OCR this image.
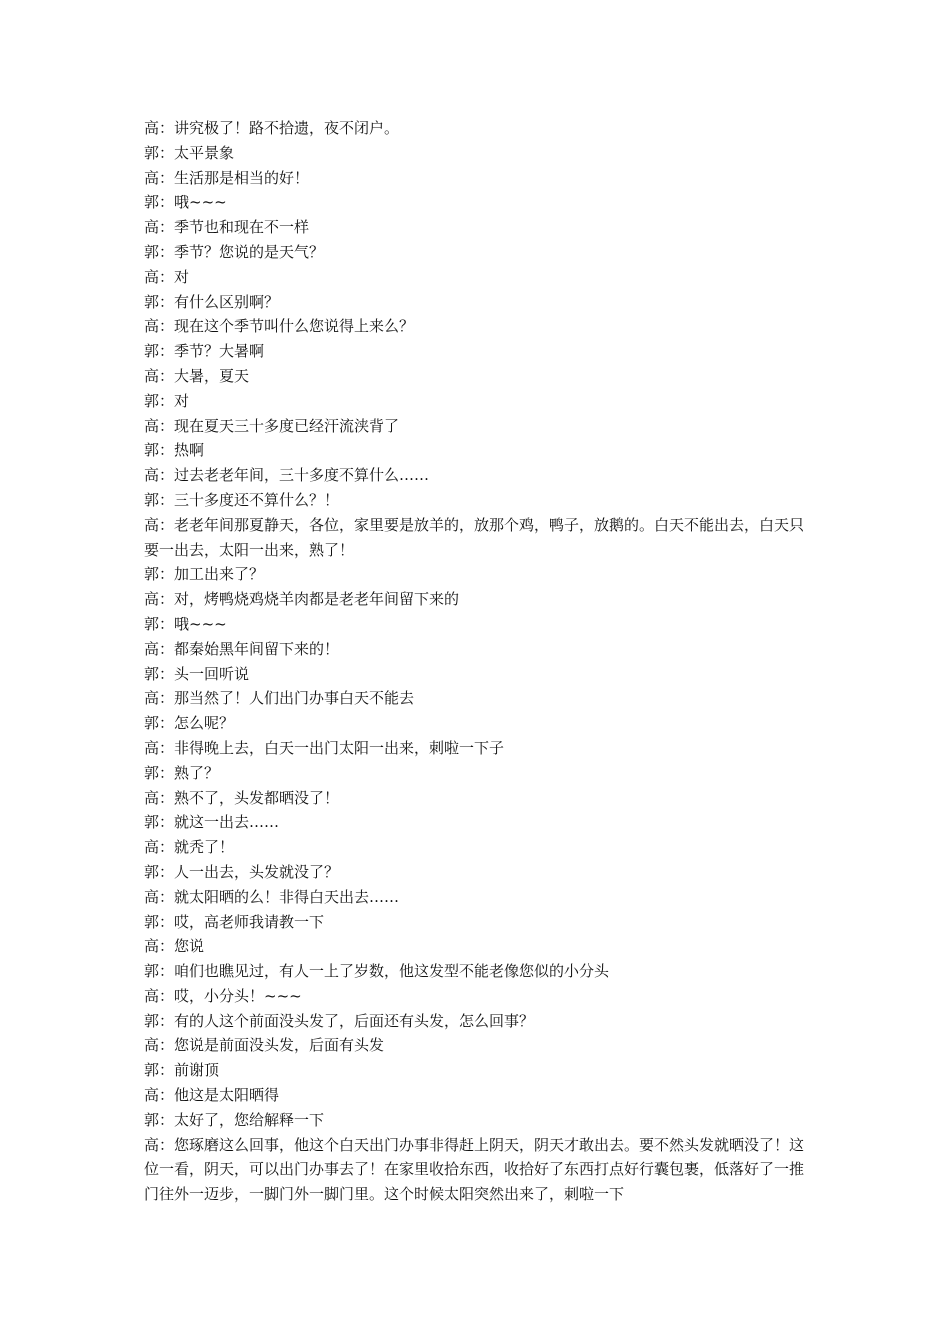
高：讲究极了！路不拾遗，夜不闭户。

郭：太平景象

高：生活那是相当的好！

郭：哦~~~

高：季节也和现在不一样

郭：季节？您说的是天气？

高：对

郭：有什么区别啊？

高：现在这个季节叫什么您说得上来么？

郭：季节？大暑啊

高：大暑，夏天

郭：对

高：现在夏天三十多度已经汗流浃背了

郭：热啊

高：过去老老年间，三十多度不算什么……

郭：三十多度还不算什么？！

高：老老年间那夏静天，各位，家里要是放羊的，放那个鸡，鸭子，放鹅的。白天不能出去，白天只要一出去，太阳一出来，熟了！

郭：加工出来了？

高：对，烤鸭烧鸡烧羊肉都是老老年间留下来的

郭：哦~~~

高：都秦始黑年间留下来的！

郭：头一回听说

高：那当然了！人们出门办事白天不能去

郭：怎么呢？

高：非得晚上去，白天一出门太阳一出来，刺啦一下子

郭：熟了？

高：熟不了，头发都晒没了！

郭：就这一出去……

高：就秃了！

郭：人一出去，头发就没了？

高：就太阳晒的么！非得白天出去……

郭：哎，高老师我请教一下

高：您说

郭：咱们也瞧见过，有人一上了岁数，他这发型不能老像您似的小分头

高：哎，小分头！~~~

郭：有的人这个前面没头发了，后面还有头发，怎么回事？

高：您说是前面没头发，后面有头发

郭：前谢顶

高：他这是太阳晒得

郭：太好了，您给解释一下

高：您琢磨这么回事，他这个白天出门办事非得赶上阴天，阴天才敢出去。要不然头发就晒没了！这位一看，阴天，可以出门办事去了！在家里收拾东西，收拾好了东西打点好行囊包裹，低落好了一推门往外一迈步，一脚门外一脚门里。这个时候太阳突然出来了，刺啦一下
